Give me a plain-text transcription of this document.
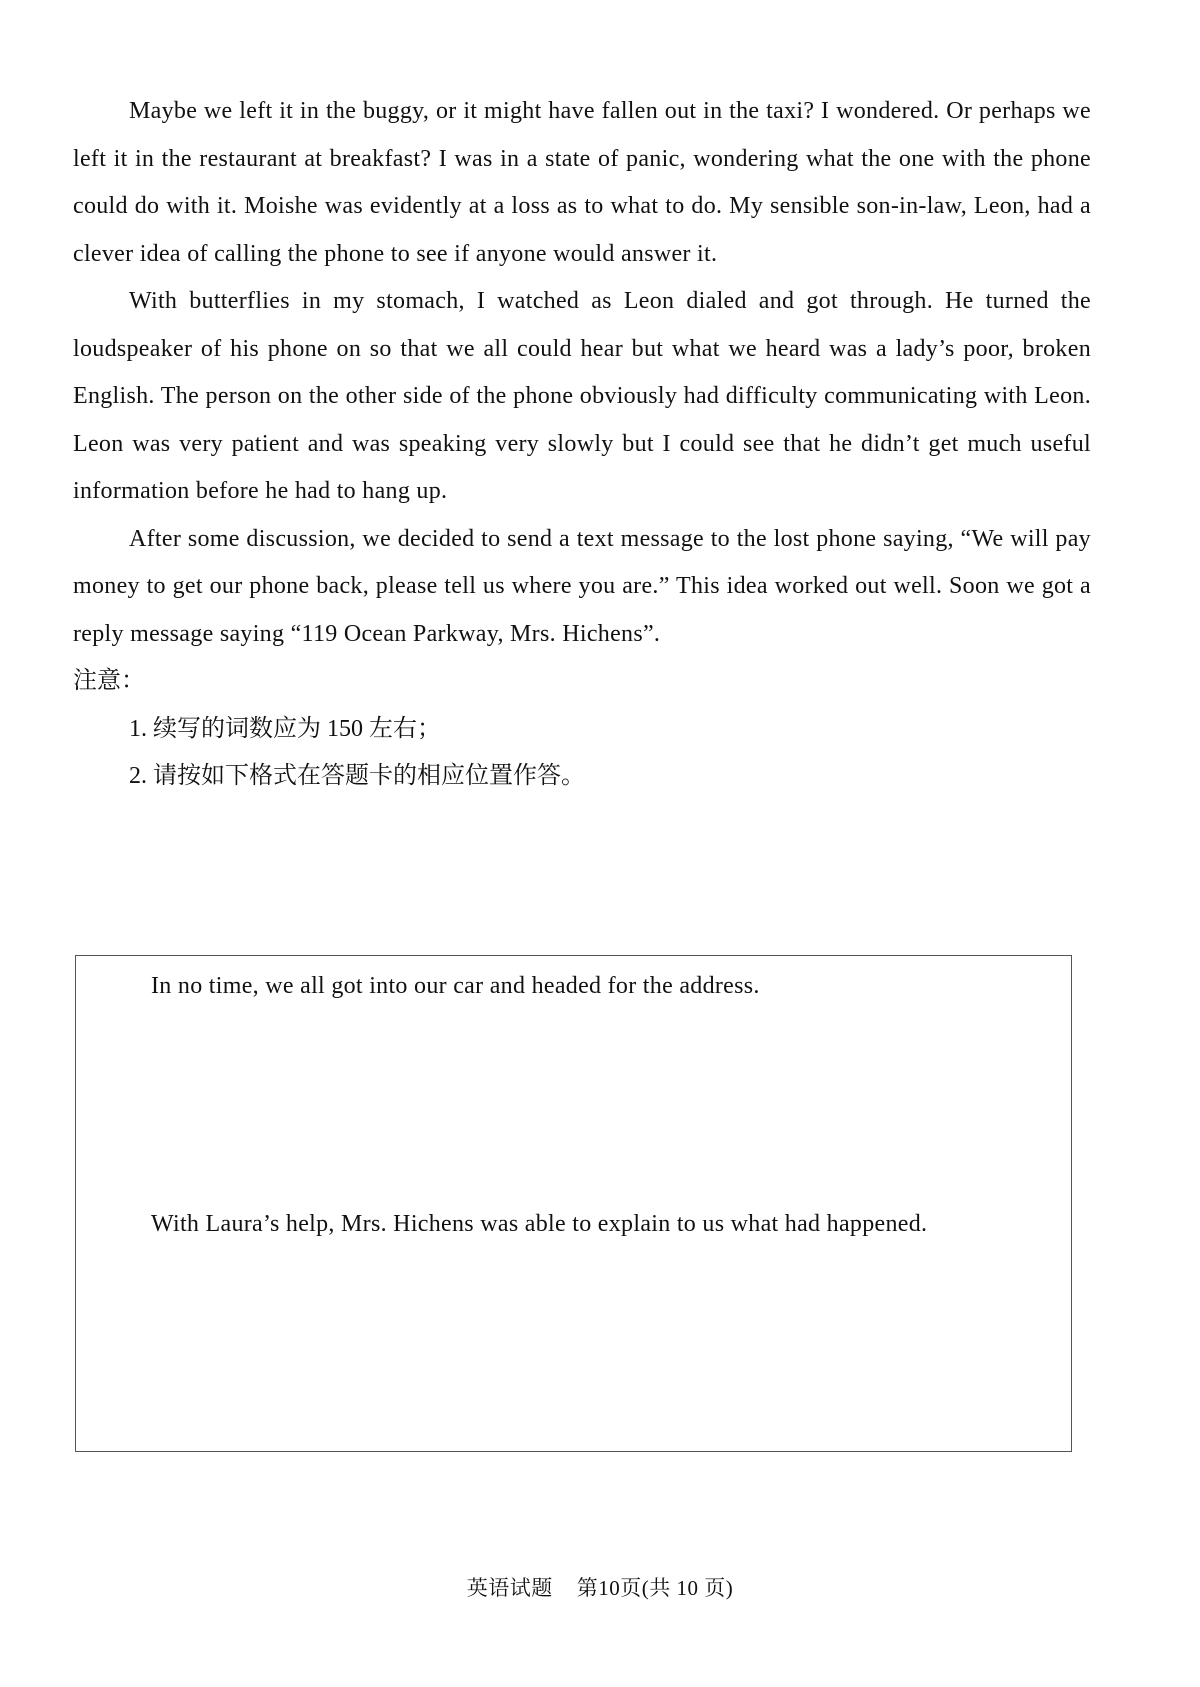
Maybe we left it in the buggy, or it might have fallen out in the taxi? I wondered. Or perhaps we left it in the restaurant at breakfast? I was in a state of panic, wondering what the one with the phone could do with it. Moishe was evidently at a loss as to what to do. My sensible son-in-law, Leon, had a clever idea of calling the phone to see if anyone would answer it.

With butterflies in my stomach, I watched as Leon dialed and got through. He turned the loudspeaker of his phone on so that we all could hear but what we heard was a lady’s poor, broken English. The person on the other side of the phone obviously had difficulty communicating with Leon. Leon was very patient and was speaking very slowly but I could see that he didn’t get much useful information before he had to hang up.

After some discussion, we decided to send a text message to the lost phone saying, “We will pay money to get our phone back, please tell us where you are.” This idea worked out well. Soon we got a reply message saying “119 Ocean Parkway, Mrs. Hichens”.

注意：

1. 续写的词数应为 150 左右；

2. 请按如下格式在答题卡的相应位置作答。

In no time, we all got into our car and headed for the address.

With Laura’s help, Mrs. Hichens was able to explain to us what had happened.

英语试题 第10页(共 10 页)
